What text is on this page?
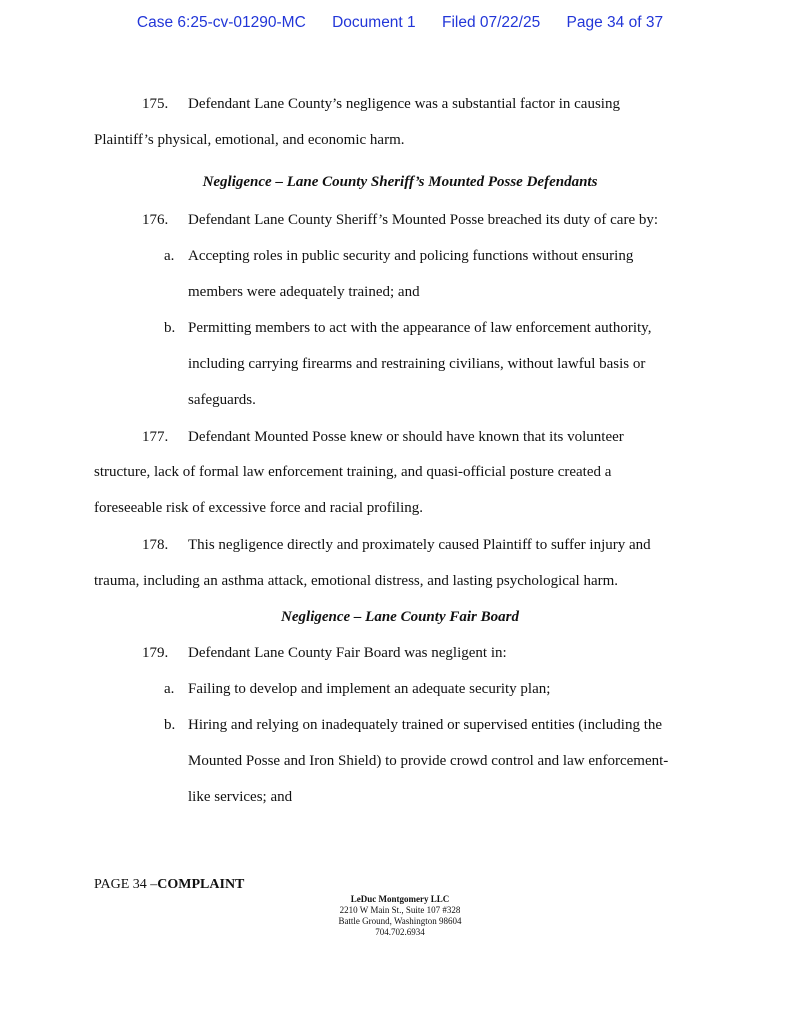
Case 6:25-cv-01290-MC Document 1 Filed 07/22/25 Page 34 of 37
175. Defendant Lane County’s negligence was a substantial factor in causing
Plaintiff’s physical, emotional, and economic harm.
Negligence – Lane County Sheriff’s Mounted Posse Defendants
176. Defendant Lane County Sheriff’s Mounted Posse breached its duty of care by:
a. Accepting roles in public security and policing functions without ensuring
members were adequately trained; and
b. Permitting members to act with the appearance of law enforcement authority,
including carrying firearms and restraining civilians, without lawful basis or
safeguards.
177. Defendant Mounted Posse knew or should have known that its volunteer
structure, lack of formal law enforcement training, and quasi-official posture created a
foreseeable risk of excessive force and racial profiling.
178. This negligence directly and proximately caused Plaintiff to suffer injury and
trauma, including an asthma attack, emotional distress, and lasting psychological harm.
Negligence – Lane County Fair Board
179. Defendant Lane County Fair Board was negligent in:
a. Failing to develop and implement an adequate security plan;
b. Hiring and relying on inadequately trained or supervised entities (including the
Mounted Posse and Iron Shield) to provide crowd control and law enforcement-
like services; and
PAGE 34 –COMPLAINT
LeDuc Montgomery LLC
2210 W Main St., Suite 107 #328
Battle Ground, Washington 98604
704.702.6934
